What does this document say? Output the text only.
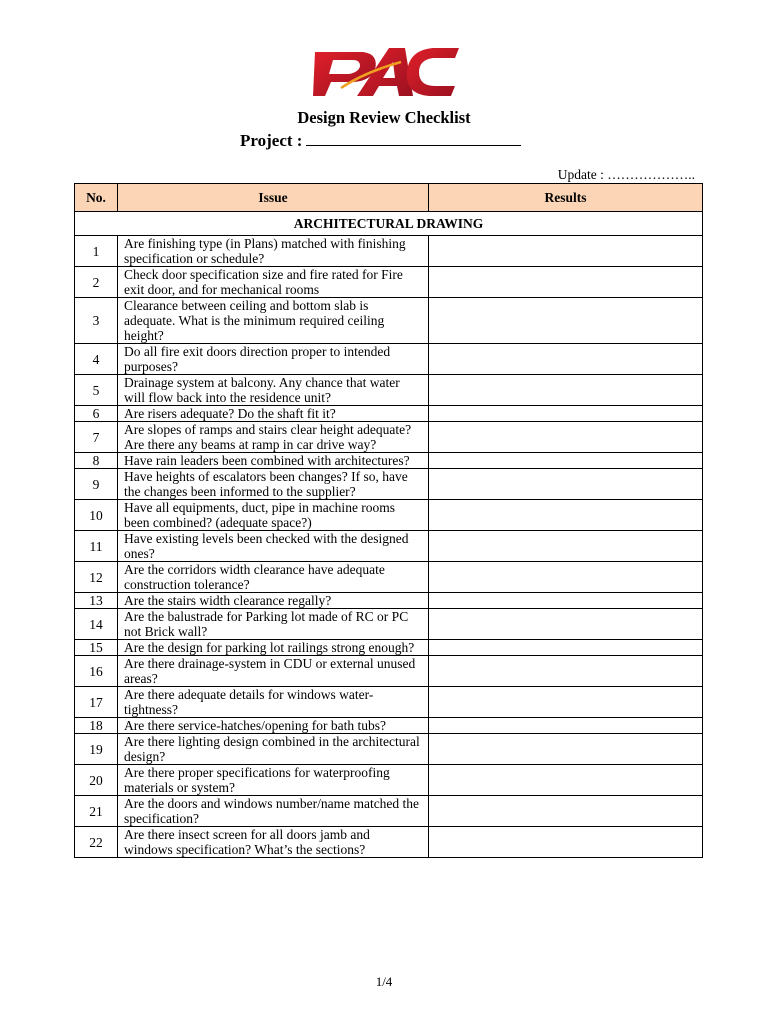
Design Review Checklist
Project :
Update : ………………..
No.	Issue	Results
ARCHITECTURAL DRAWING		
1	Are finishing type (in Plans) matched with finishing specification or schedule?	
2	Check door specification size and fire rated for Fire exit door, and for mechanical rooms	
3	Clearance between ceiling and bottom slab is adequate. What is the minimum required ceiling height?	
4	Do all fire exit doors direction proper to intended purposes?	
5	Drainage system at balcony. Any chance that water will flow back into the residence unit?	
6	Are risers adequate? Do the shaft fit it?	
7	Are slopes of ramps and stairs clear height adequate? Are there any beams at ramp in car drive way?	
8	Have rain leaders been combined with architectures?	
9	Have heights of escalators been changes? If so, have the changes been informed to the supplier?	
10	Have all equipments, duct, pipe in machine rooms been combined? (adequate space?)	
11	Have existing levels been checked with the designed ones?	
12	Are the corridors width clearance have adequate construction tolerance?	
13	Are the stairs width clearance regally?	
14	Are the balustrade for Parking lot made of RC or PC not Brick wall?	
15	Are the design for parking lot railings strong enough?	
16	Are there drainage-system in CDU or external unused areas?	
17	Are there adequate details for windows water-tightness?	
18	Are there service-hatches/opening for bath tubs?	
19	Are there lighting design combined in the architectural design?	
20	Are there proper specifications for waterproofing materials or system?	
21	Are the doors and windows number/name matched the specification?	
22	Are there insect screen for all doors jamb and windows specification? What’s the sections?	
1/4
